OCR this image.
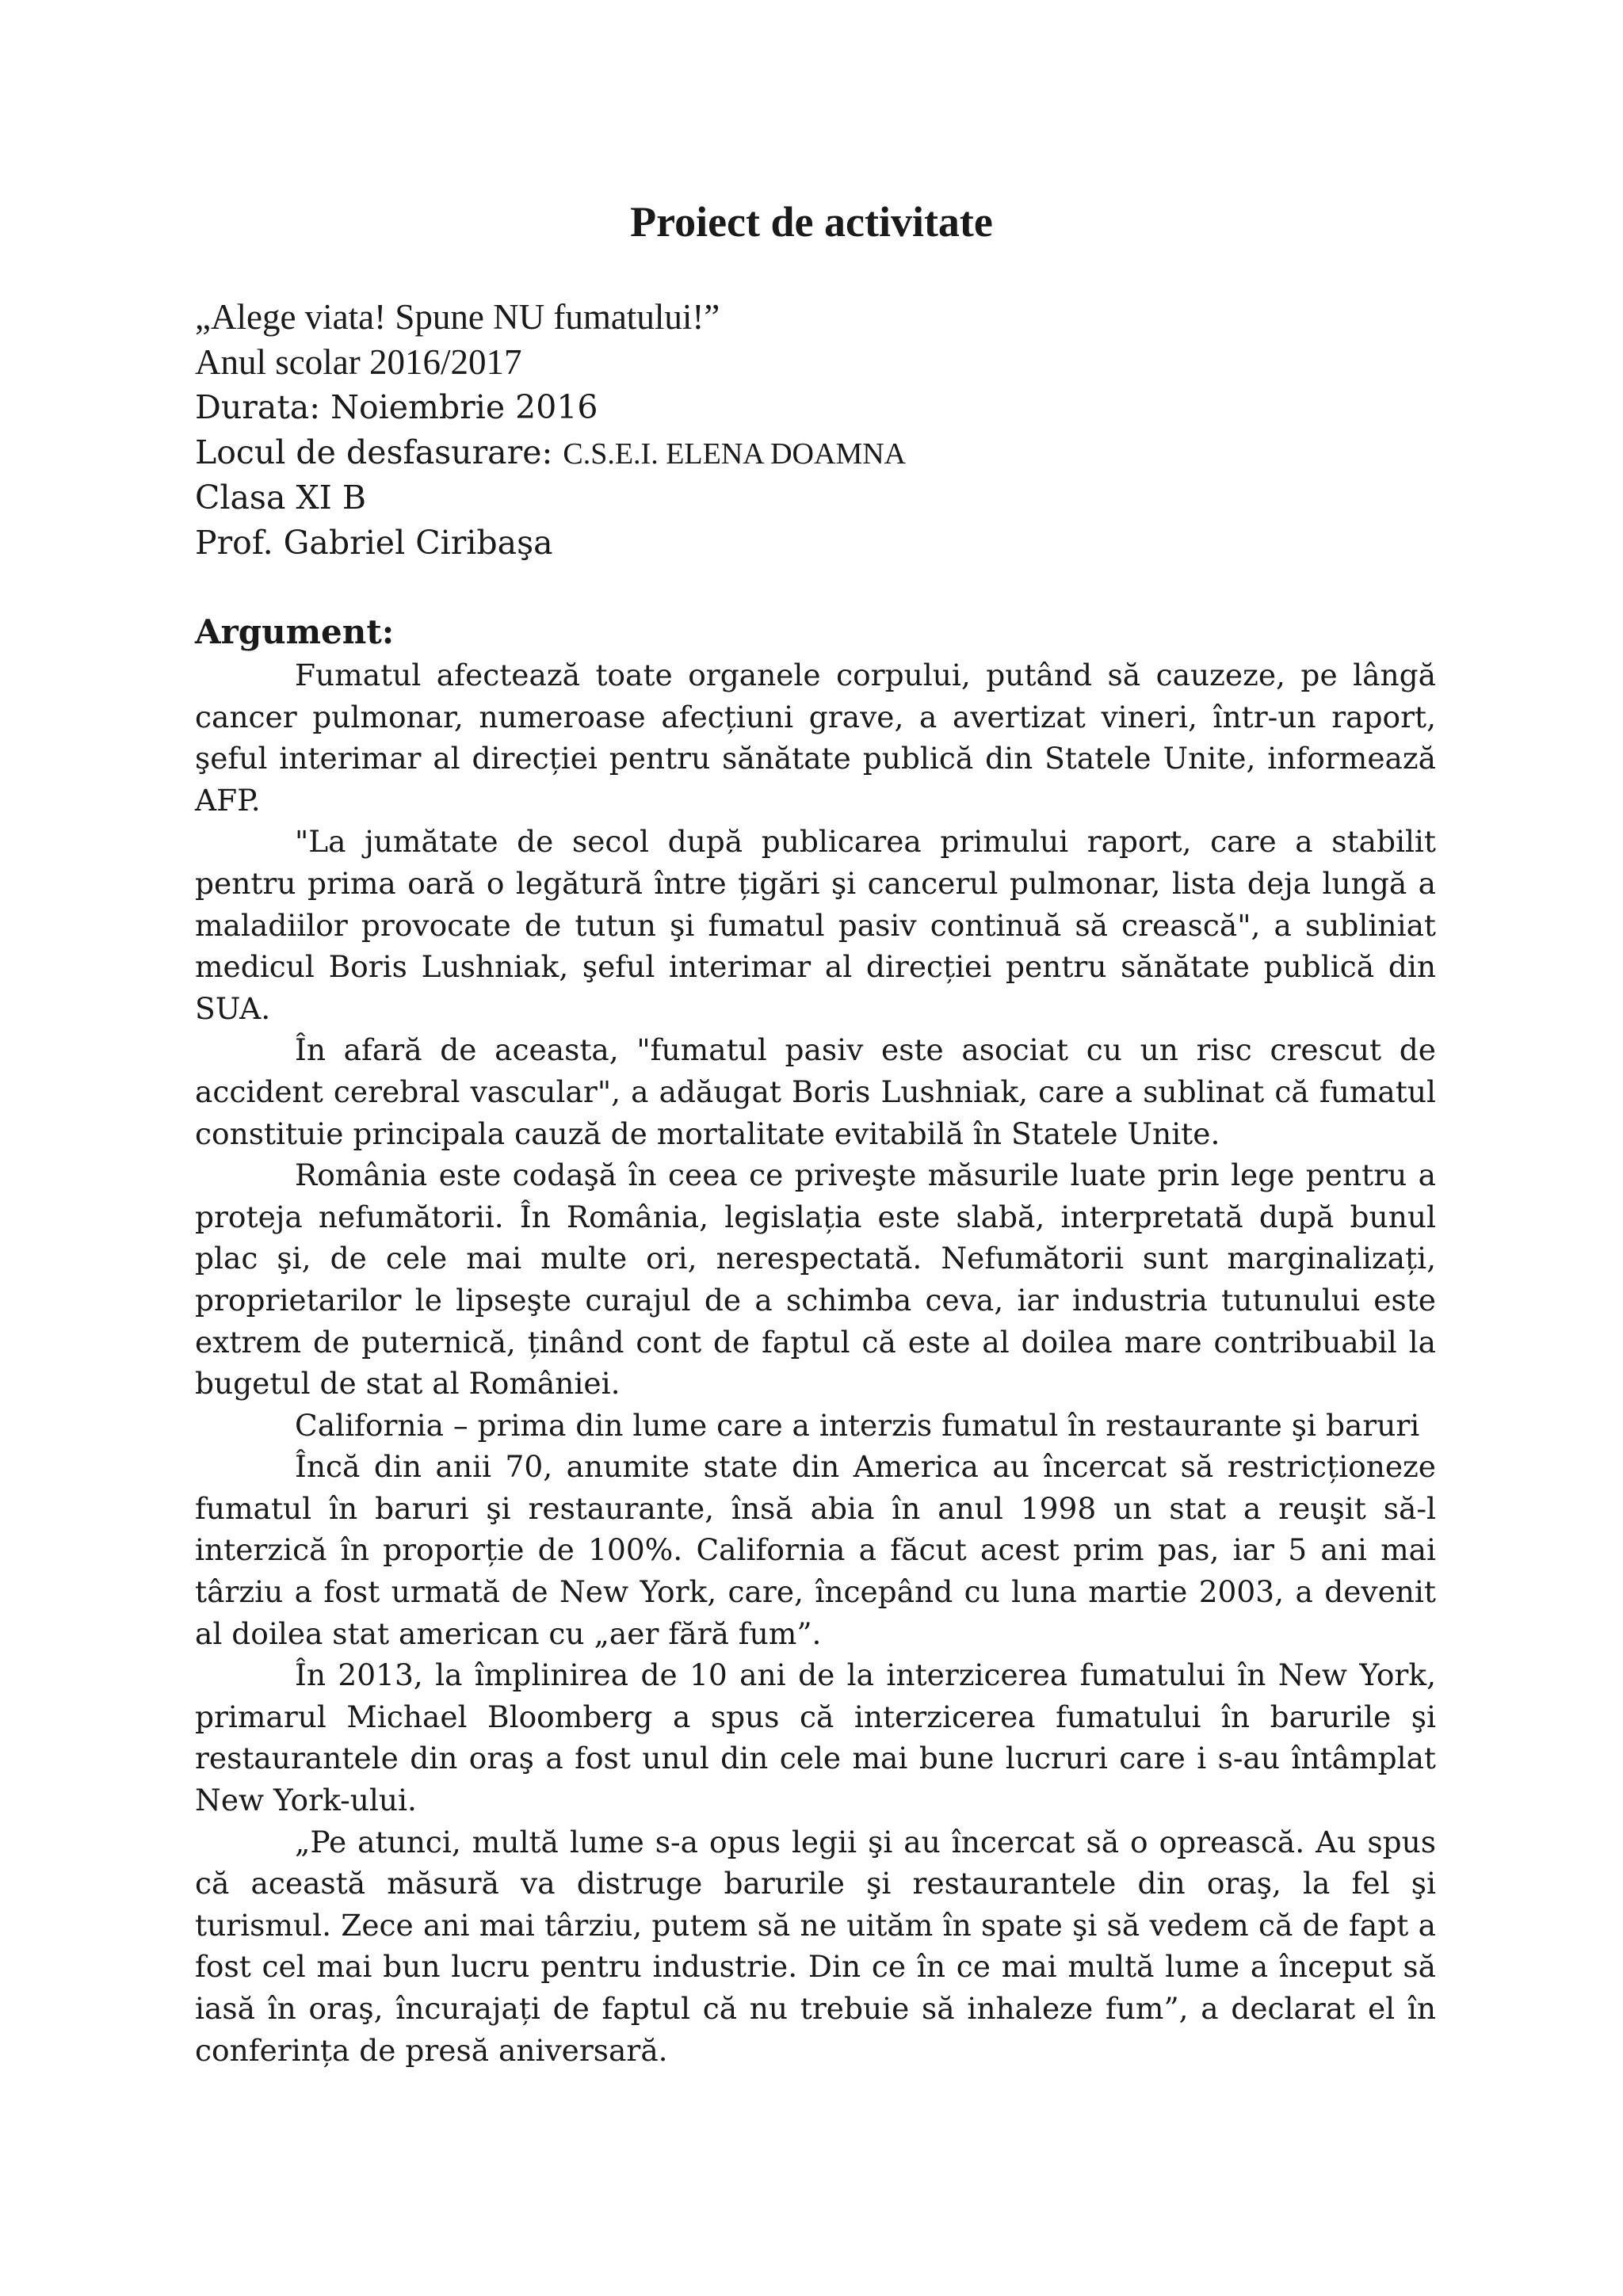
Proiect de activitate
„Alege viata! Spune NU fumatului!”
Anul scolar 2016/2017
Durata: Noiembrie 2016
Locul de desfasurare: C.S.E.I. ELENA DOAMNA
Clasa XI B
Prof. Gabriel Ciribaşa
Argument:

Fumatul afectează toate organele corpului, putând să cauzeze, pe lângă cancer pulmonar, numeroase afecțiuni grave, a avertizat vineri, într-un raport, şeful interimar al direcției pentru sănătate publică din Statele Unite, informează AFP.

"La jumătate de secol după publicarea primului raport, care a stabilit pentru prima oară o legătură între țigări şi cancerul pulmonar, lista deja lungă a maladiilor provocate de tutun şi fumatul pasiv continuă să crească", a subliniat medicul Boris Lushniak, şeful interimar al direcției pentru sănătate publică din SUA.

În afară de aceasta, "fumatul pasiv este asociat cu un risc crescut de accident cerebral vascular", a adăugat Boris Lushniak, care a sublinat că fumatul constituie principala cauză de mortalitate evitabilă în Statele Unite.

România este codaşă în ceea ce priveşte măsurile luate prin lege pentru a proteja nefumătorii. În România, legislația este slabă, interpretată după bunul plac şi, de cele mai multe ori, nerespectată. Nefumătorii sunt marginalizați, proprietarilor le lipseşte curajul de a schimba ceva, iar industria tutunului este extrem de puternică, ținând cont de faptul că este al doilea mare contribuabil la bugetul de stat al României.

California – prima din lume care a interzis fumatul în restaurante şi baruri

Încă din anii 70, anumite state din America au încercat să restricționeze fumatul în baruri şi restaurante, însă abia în anul 1998 un stat a reuşit să-l interzică în proporție de 100%. California a făcut acest prim pas, iar 5 ani mai târziu a fost urmată de New York, care, începând cu luna martie 2003, a devenit al doilea stat american cu „aer fără fum”.

În 2013, la împlinirea de 10 ani de la interzicerea fumatului în New York, primarul Michael Bloomberg a spus că interzicerea fumatului în barurile şi restaurantele din oraş a fost unul din cele mai bune lucruri care i s-au întâmplat New York-ului.

„Pe atunci, multă lume s-a opus legii şi au încercat să o oprească. Au spus că această măsură va distruge barurile şi restaurantele din oraş, la fel şi turismul. Zece ani mai târziu, putem să ne uităm în spate şi să vedem că de fapt a fost cel mai bun lucru pentru industrie. Din ce în ce mai multă lume a început să iasă în oraş, încurajați de faptul că nu trebuie să inhaleze fum”, a declarat el în conferința de presă aniversară.
